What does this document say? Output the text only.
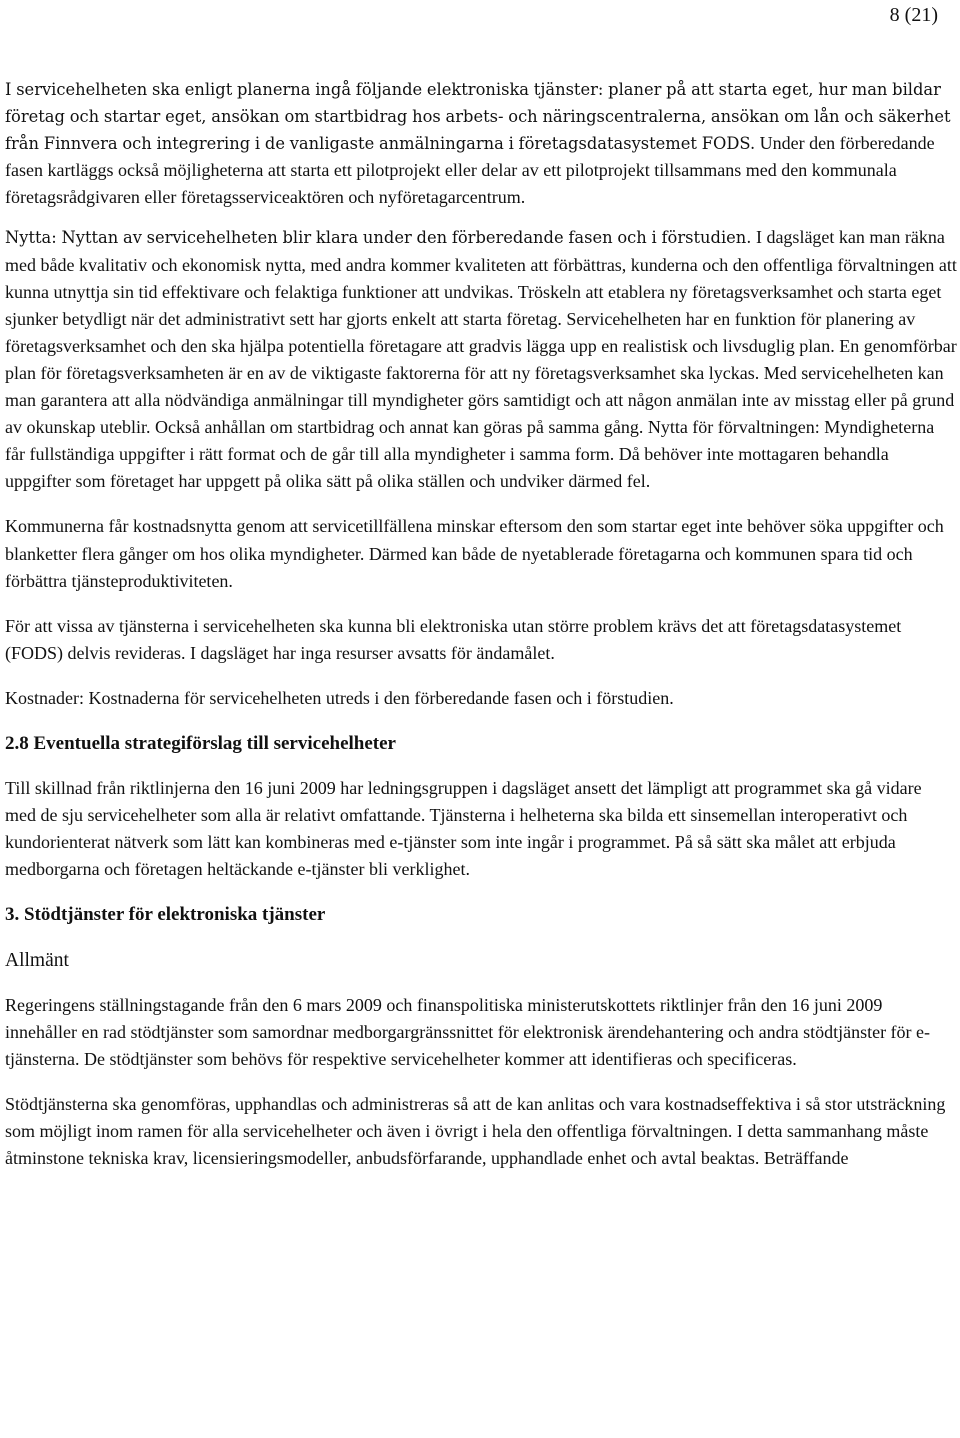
8 (21)

I servicehelheten ska enligt planerna ingå följande elektroniska tjänster: planer på att starta eget, hur man bildar företag och startar eget, ansökan om startbidrag hos arbets- och näringscentralerna, ansökan om lån och säkerhet från Finnvera och integrering i de vanligaste anmälningarna i företagsdatasystemet FODS. Under den förberedande fasen kartläggs också möjligheterna att starta ett pilotprojekt eller delar av ett pilotprojekt tillsammans med den kommunala företagsrådgivaren eller företagsserviceaktören och nyföretagarcentrum.

Nytta: Nyttan av servicehelheten blir klara under den förberedande fasen och i förstudien. I dagsläget kan man räkna med både kvalitativ och ekonomisk nytta, med andra kommer kvaliteten att förbättras, kunderna och den offentliga förvaltningen att kunna utnyttja sin tid effektivare och felaktiga funktioner att undvikas. Tröskeln att etablera ny företagsverksamhet och starta eget sjunker betydligt när det administrativt sett har gjorts enkelt att starta företag. Servicehelheten har en funktion för planering av företagsverksamhet och den ska hjälpa potentiella företagare att gradvis lägga upp en realistisk och livsduglig plan. En genomförbar plan för företagsverksamheten är en av de viktigaste faktorerna för att ny företagsverksamhet ska lyckas. Med servicehelheten kan man garantera att alla nödvändiga anmälningar till myndigheter görs samtidigt och att någon anmälan inte av misstag eller på grund av okunskap uteblir. Också anhållan om startbidrag och annat kan göras på samma gång. Nytta för förvaltningen: Myndigheterna får fullständiga uppgifter i rätt format och de går till alla myndigheter i samma form. Då behöver inte mottagaren behandla uppgifter som företaget har uppgett på olika sätt på olika ställen och undviker därmed fel.

Kommunerna får kostnadsnytta genom att servicetillfällena minskar eftersom den som startar eget inte behöver söka uppgifter och blanketter flera gånger om hos olika myndigheter. Därmed kan både de nyetablerade företagarna och kommunen spara tid och förbättra tjänsteproduktiviteten.

För att vissa av tjänsterna i servicehelheten ska kunna bli elektroniska utan större problem krävs det att företagsdatasystemet (FODS) delvis revideras. I dagsläget har inga resurser avsatts för ändamålet.

Kostnader: Kostnaderna för servicehelheten utreds i den förberedande fasen och i förstudien.

2.8 Eventuella strategiförslag till servicehelheter

Till skillnad från riktlinjerna den 16 juni 2009 har ledningsgruppen i dagsläget ansett det lämpligt att programmet ska gå vidare med de sju servicehelheter som alla är relativt omfattande. Tjänsterna i helheterna ska bilda ett sinsemellan interoperativt och kundorienterat nätverk som lätt kan kombineras med e-tjänster som inte ingår i programmet. På så sätt ska målet att erbjuda medborgarna och företagen heltäckande e-tjänster bli verklighet.

3. Stödtjänster för elektroniska tjänster

Allmänt

Regeringens ställningstagande från den 6 mars 2009 och finanspolitiska ministerutskottets riktlinjer från den 16 juni 2009 innehåller en rad stödtjänster som samordnar medborgargränssnittet för elektronisk ärendehantering och andra stödtjänster för e-tjänsterna. De stödtjänster som behövs för respektive servicehelheter kommer att identifieras och specificeras.

Stödtjänsterna ska genomföras, upphandlas och administreras så att de kan anlitas och vara kostnadseffektiva i så stor utsträckning som möjligt inom ramen för alla servicehelheter och även i övrigt i hela den offentliga förvaltningen. I detta sammanhang måste åtminstone tekniska krav, licensieringsmodeller, anbudsförfarande, upphandlade enhet och avtal beaktas. Beträffande
